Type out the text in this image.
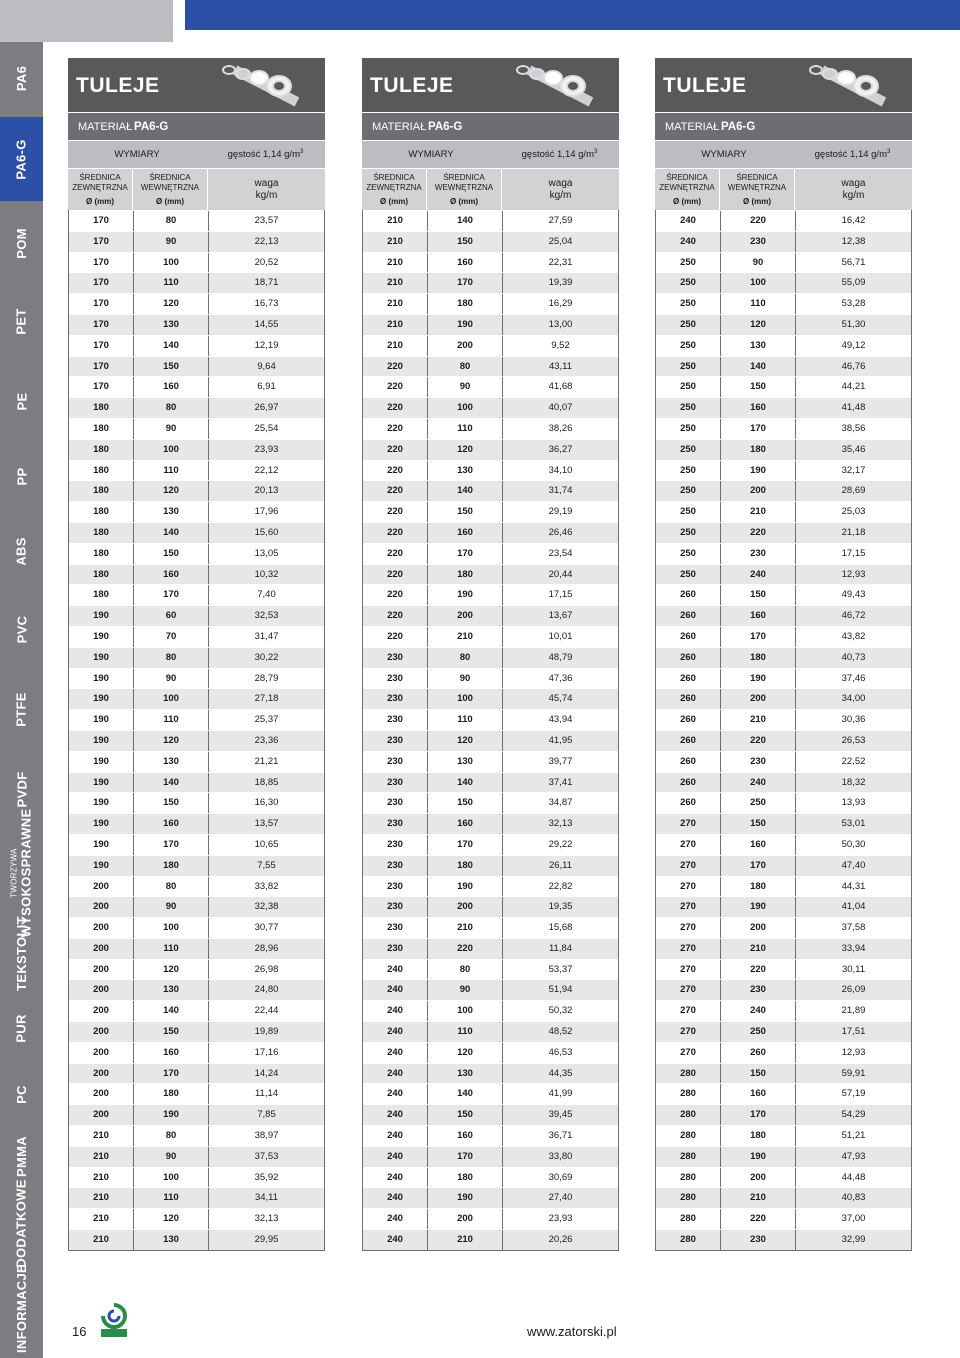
PA6
PA6-G
POM
PET
PE
PP
ABS
PVC
PTFE
PVDF
TWORZYWA WYSOKOSPRAWNE
TEKSTOLIT
PUR
PC
PMMA
DODATKOWE
INFORMACJE
TULEJE
MATERIAŁ PA6-G
WYMIARY	gęstość 1,14 $g/m^3$
ŚREDNICA
ZEWNĘTRZNA
Ø (mm)
ŚREDNICA
WEWNĘTRZNA
Ø (mm)
waga
kg/m
170	80	23,57
170	90	22,13
170	100	20,52
170	110	18,71
170	120	16,73
170	130	14,55
170	140	12,19
170	150	9,64
170	160	6,91
180	80	26,97
180	90	25,54
180	100	23,93
180	110	22,12
180	120	20,13
180	130	17,96
180	140	15,60
180	150	13,05
180	160	10,32
180	170	7,40
190	60	32,53
190	70	31,47
190	80	30,22
190	90	28,79
190	100	27,18
190	110	25,37
190	120	23,36
190	130	21,21
190	140	18,85
190	150	16,30
190	160	13,57
190	170	10,65
190	180	7,55
200	80	33,82
200	90	32,38
200	100	30,77
200	110	28,96
200	120	26,98
200	130	24,80
200	140	22,44
200	150	19,89
200	160	17,16
200	170	14,24
200	180	11,14
200	190	7,85
210	80	38,97
210	90	37,53
210	100	35,92
210	110	34,11
210	120	32,13
210	130	29,95
TULEJE
MATERIAŁ PA6-G
WYMIARY	gęstość 1,14 $g/m^3$
ŚREDNICA
ZEWNĘTRZNA
Ø (mm)
ŚREDNICA
WEWNĘTRZNA
Ø (mm)
waga
kg/m
210	140	27,59
210	150	25,04
210	160	22,31
210	170	19,39
210	180	16,29
210	190	13,00
210	200	9,52
220	80	43,11
220	90	41,68
220	100	40,07
220	110	38,26
220	120	36,27
220	130	34,10
220	140	31,74
220	150	29,19
220	160	26,46
220	170	23,54
220	180	20,44
220	190	17,15
220	200	13,67
220	210	10,01
230	80	48,79
230	90	47,36
230	100	45,74
230	110	43,94
230	120	41,95
230	130	39,77
230	140	37,41
230	150	34,87
230	160	32,13
230	170	29,22
230	180	26,11
230	190	22,82
230	200	19,35
230	210	15,68
230	220	11,84
240	80	53,37
240	90	51,94
240	100	50,32
240	110	48,52
240	120	46,53
240	130	44,35
240	140	41,99
240	150	39,45
240	160	36,71
240	170	33,80
240	180	30,69
240	190	27,40
240	200	23,93
240	210	20,26
TULEJE
MATERIAŁ PA6-G
WYMIARY	gęstość 1,14 $g/m^3$
ŚREDNICA
ZEWNĘTRZNA
Ø (mm)
ŚREDNICA
WEWNĘTRZNA
Ø (mm)
waga
kg/m
240	220	16,42
240	230	12,38
250	90	56,71
250	100	55,09
250	110	53,28
250	120	51,30
250	130	49,12
250	140	46,76
250	150	44,21
250	160	41,48
250	170	38,56
250	180	35,46
250	190	32,17
250	200	28,69
250	210	25,03
250	220	21,18
250	230	17,15
250	240	12,93
260	150	49,43
260	160	46,72
260	170	43,82
260	180	40,73
260	190	37,46
260	200	34,00
260	210	30,36
260	220	26,53
260	230	22,52
260	240	18,32
260	250	13,93
270	150	53,01
270	160	50,30
270	170	47,40
270	180	44,31
270	190	41,04
270	200	37,58
270	210	33,94
270	220	30,11
270	230	26,09
270	240	21,89
270	250	17,51
270	260	12,93
280	150	59,91
280	160	57,19
280	170	54,29
280	180	51,21
280	190	47,93
280	200	44,48
280	210	40,83
280	220	37,00
280	230	32,99
16	www.zatorski.pl
